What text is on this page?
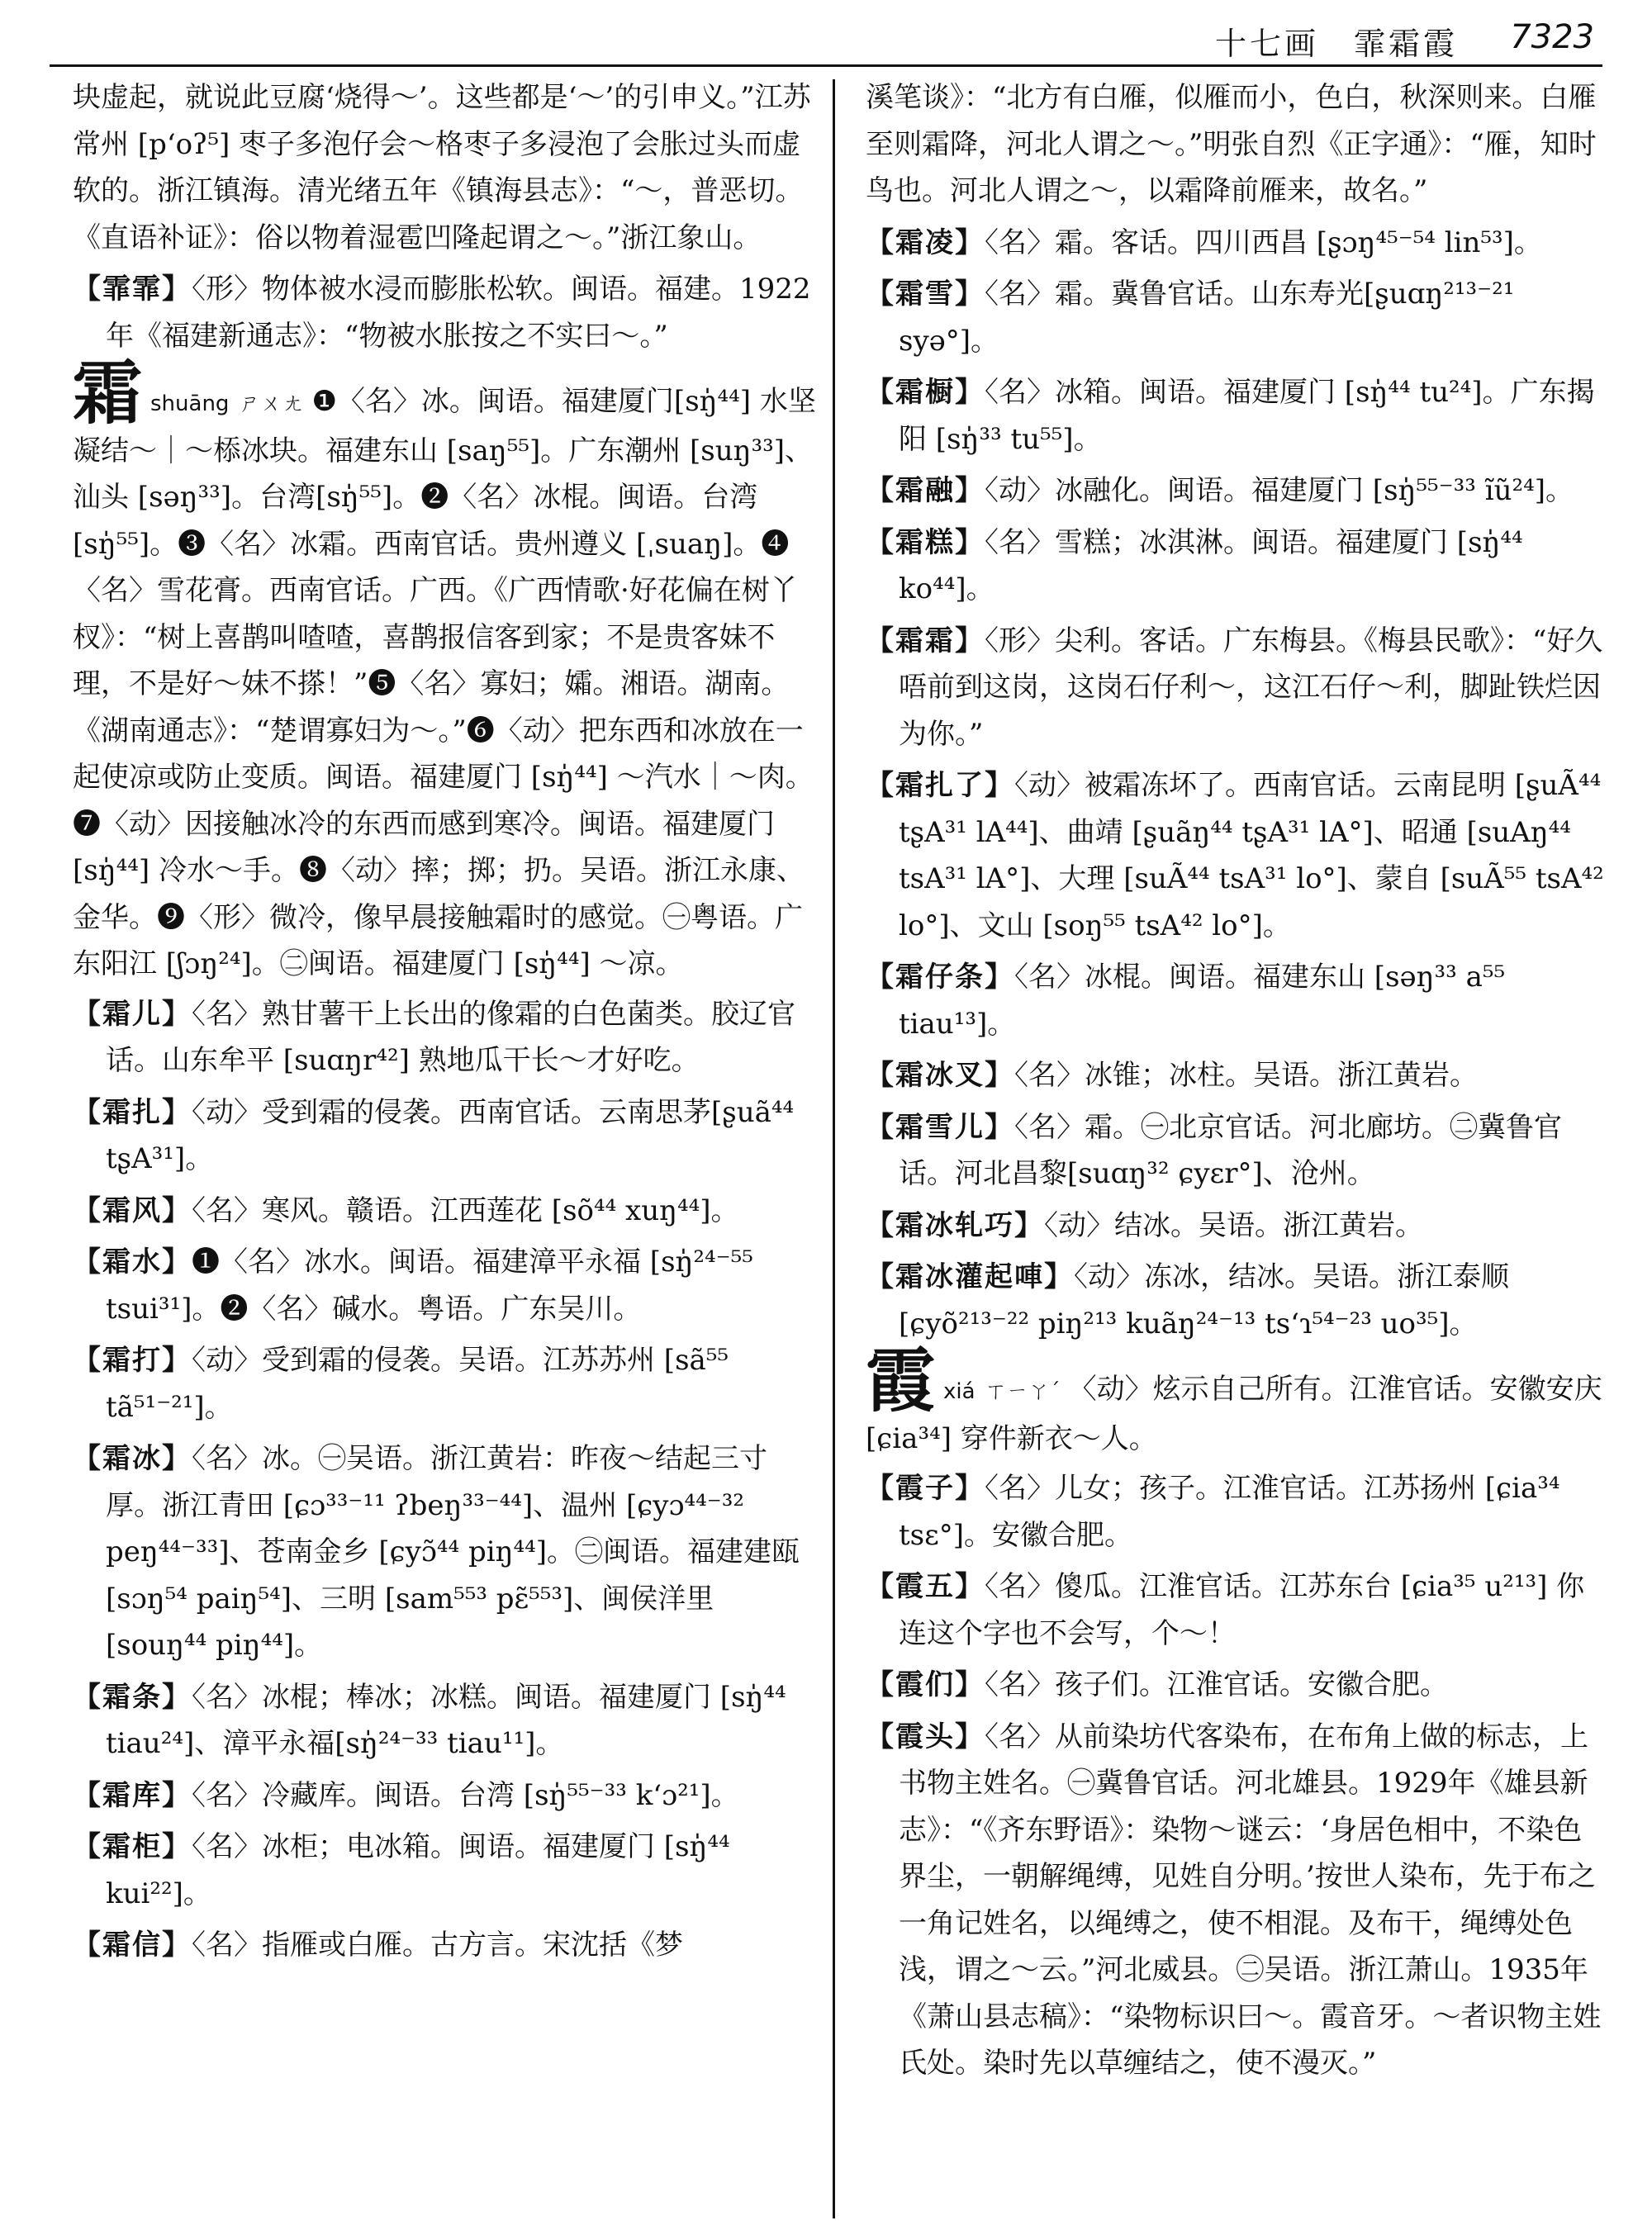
十七画　霏霜霞 7323
块虚起，就说此豆腐‘烧得～’。这些都是‘～’的引申义。”江苏常州 [p‘oʔ⁵] 枣子多泡仔会～格枣子多浸泡了会胀过头而虚软的。浙江镇海。清光绪五年《镇海县志》：“～，普恶切。《直语补证》：俗以物着湿雹凹隆起谓之～。”浙江象山。
【霏霏】〈形〉物体被水浸而膨胀松软。闽语。福建。1922年《福建新通志》：“物被水胀按之不实曰～。”
霜shuāng ㄕㄨㄤ ❶〈名〉冰。闽语。福建厦门[sŋ̍⁴⁴] 水坚凝结～｜～㮇冰块。福建东山 [saŋ⁵⁵]。广东潮州 [suŋ³³]、汕头 [səŋ³³]。台湾[sŋ̍⁵⁵]。❷〈名〉冰棍。闽语。台湾 [sŋ̍⁵⁵]。❸〈名〉冰霜。西南官话。贵州遵义 [ˌsuaŋ]。❹〈名〉雪花膏。西南官话。广西。《广西情歌·好花偏在树丫杈》：“树上喜鹊叫喳喳，喜鹊报信客到家；不是贵客妹不理，不是好～妹不搽！”❺〈名〉寡妇；孀。湘语。湖南。《湖南通志》：“楚谓寡妇为～。”❻〈动〉把东西和冰放在一起使凉或防止变质。闽语。福建厦门 [sŋ̍⁴⁴] ～汽水｜～肉。❼〈动〉因接触冰冷的东西而感到寒冷。闽语。福建厦门 [sŋ̍⁴⁴] 冷水～手。❽〈动〉摔；掷；扔。吴语。浙江永康、金华。❾〈形〉微冷，像早晨接触霜时的感觉。㊀粤语。广东阳江 [ʃɔŋ²⁴]。㊁闽语。福建厦门 [sŋ̍⁴⁴] ～凉。
【霜儿】〈名〉熟甘薯干上长出的像霜的白色菌类。胶辽官话。山东牟平 [suɑŋr⁴²] 熟地瓜干长～才好吃。
【霜扎】〈动〉受到霜的侵袭。西南官话。云南思茅[ʂuã⁴⁴ tʂA³¹]。
【霜风】〈名〉寒风。赣语。江西莲花 [sõ⁴⁴ xuŋ⁴⁴]。
【霜水】❶〈名〉冰水。闽语。福建漳平永福 [sŋ̍²⁴⁻⁵⁵ tsui³¹]。❷〈名〉碱水。粤语。广东吴川。
【霜打】〈动〉受到霜的侵袭。吴语。江苏苏州 [sã⁵⁵ tã⁵¹⁻²¹]。
【霜冰】〈名〉冰。㊀吴语。浙江黄岩：昨夜～结起三寸厚。浙江青田 [ɕɔ³³⁻¹¹ ʔbeŋ³³⁻⁴⁴]、温州 [ɕyɔ⁴⁴⁻³² peŋ⁴⁴⁻³³]、苍南金乡 [ɕyɔ̃⁴⁴ piŋ⁴⁴]。㊁闽语。福建建瓯 [sɔŋ⁵⁴ paiŋ⁵⁴]、三明 [sam⁵⁵³ pɛ̃⁵⁵³]、闽侯洋里 [souŋ⁴⁴ piŋ⁴⁴]。
【霜条】〈名〉冰棍；棒冰；冰糕。闽语。福建厦门 [sŋ̍⁴⁴ tiau²⁴]、漳平永福[sŋ̍²⁴⁻³³ tiau¹¹]。
【霜库】〈名〉冷藏库。闽语。台湾 [sŋ̍⁵⁵⁻³³ k‘ɔ²¹]。
【霜柜】〈名〉冰柜；电冰箱。闽语。福建厦门 [sŋ̍⁴⁴ kui²²]。
【霜信】〈名〉指雁或白雁。古方言。宋沈括《梦
溪笔谈》：“北方有白雁，似雁而小，色白，秋深则来。白雁至则霜降，河北人谓之～。”明张自烈《正字通》：“雁，知时鸟也。河北人谓之～，以霜降前雁来，故名。”
【霜凌】〈名〉霜。客话。四川西昌 [ʂɔŋ⁴⁵⁻⁵⁴ lin⁵³]。
【霜雪】〈名〉霜。冀鲁官话。山东寿光[ʂuɑŋ²¹³⁻²¹ syə°]。
【霜橱】〈名〉冰箱。闽语。福建厦门 [sŋ̍⁴⁴ tu²⁴]。广东揭阳 [sŋ̍³³ tu⁵⁵]。
【霜融】〈动〉冰融化。闽语。福建厦门 [sŋ̍⁵⁵⁻³³ ĩũ²⁴]。
【霜糕】〈名〉雪糕；冰淇淋。闽语。福建厦门 [sŋ̍⁴⁴ ko⁴⁴]。
【霜霜】〈形〉尖利。客话。广东梅县。《梅县民歌》：“好久唔前到这岗，这岗石仔利～，这江石仔～利，脚趾铁烂因为你。”
【霜扎了】〈动〉被霜冻坏了。西南官话。云南昆明 [ʂuÃ⁴⁴ tʂA³¹ lA⁴⁴]、曲靖 [ʂuãŋ⁴⁴ tʂA³¹ lA°]、昭通 [suAŋ⁴⁴ tsA³¹ lA°]、大理 [suÃ⁴⁴ tsA³¹ lo°]、蒙自 [suÃ⁵⁵ tsA⁴² lo°]、文山 [soŋ⁵⁵ tsA⁴² lo°]。
【霜仔条】〈名〉冰棍。闽语。福建东山 [səŋ³³ a⁵⁵ tiau¹³]。
【霜冰叉】〈名〉冰锥；冰柱。吴语。浙江黄岩。
【霜雪儿】〈名〉霜。㊀北京官话。河北廊坊。㊁冀鲁官话。河北昌黎[suɑŋ³² ɕyɛr°]、沧州。
【霜冰轧巧】〈动〉结冰。吴语。浙江黄岩。
【霜冰灌起唓】〈动〉冻冰，结冰。吴语。浙江泰顺 [ɕyõ²¹³⁻²² piŋ²¹³ kuãŋ²⁴⁻¹³ ts‘ɿ⁵⁴⁻²³ uo³⁵]。
霞xiá ㄒㄧㄚˊ 〈动〉炫示自己所有。江淮官话。安徽安庆 [ɕia³⁴] 穿件新衣～人。
【霞子】〈名〉儿女；孩子。江淮官话。江苏扬州 [ɕia³⁴ tsɛ°]。安徽合肥。
【霞五】〈名〉傻瓜。江淮官话。江苏东台 [ɕia³⁵ u²¹³] 你连这个字也不会写，个～！
【霞们】〈名〉孩子们。江淮官话。安徽合肥。
【霞头】〈名〉从前染坊代客染布，在布角上做的标志，上书物主姓名。㊀冀鲁官话。河北雄县。1929年《雄县新志》：“《齐东野语》：染物～谜云：‘身居色相中，不染色界尘，一朝解绳缚，见姓自分明。’按世人染布，先于布之一角记姓名，以绳缚之，使不相混。及布干，绳缚处色浅，谓之～云。”河北威县。㊁吴语。浙江萧山。1935年《萧山县志稿》：“染物标识曰～。霞音牙。～者识物主姓氏处。染时先以草缠结之，使不漫灭。”
